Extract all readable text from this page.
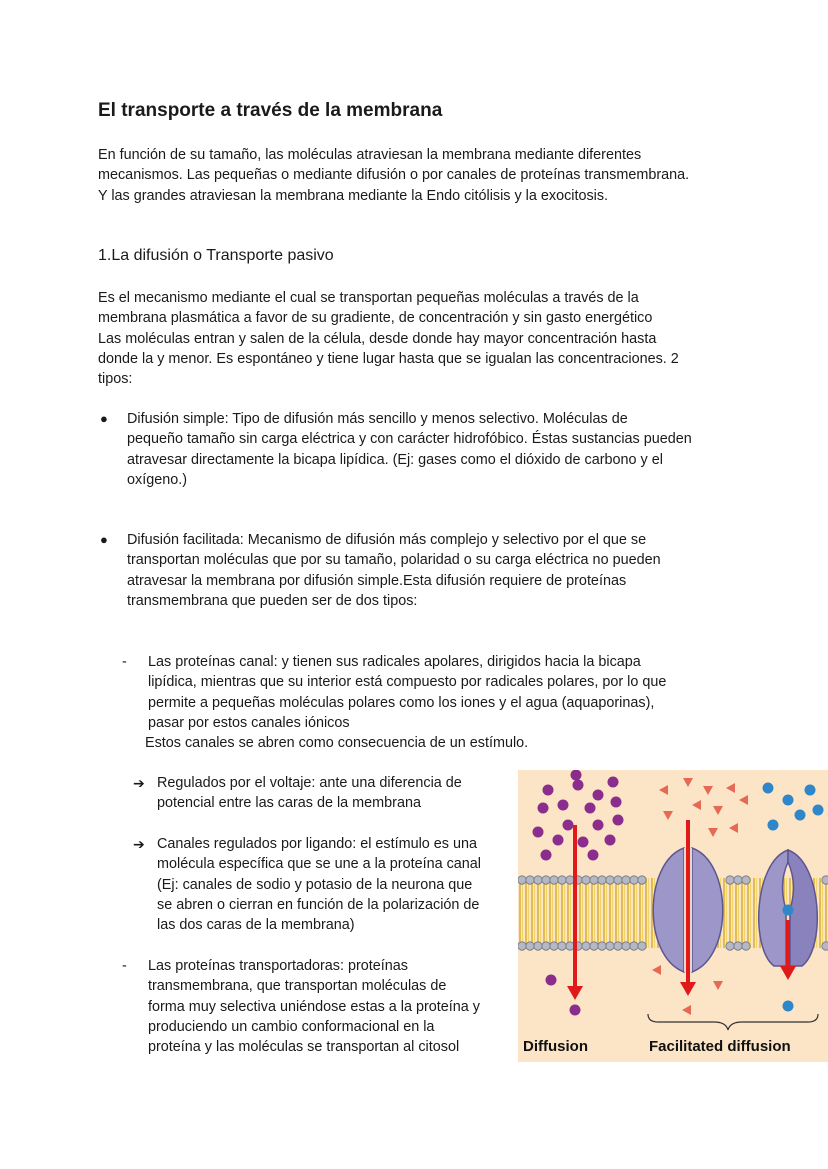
El transporte a través de la membrana
En función de su tamaño, las moléculas atraviesan la membrana mediante diferentes
mecanismos. Las pequeñas o mediante difusión o por canales de proteínas transmembrana.
Y las grandes atraviesan la membrana mediante la Endo citólisis y la exocitosis.
1.La difusión o Transporte pasivo
Es el mecanismo mediante el cual se transportan pequeñas moléculas a través de la
membrana plasmática a favor de su gradiente, de concentración y sin gasto energético
Las moléculas entran y salen de la célula, desde donde hay mayor concentración hasta
donde la y menor. Es espontáneo y tiene lugar hasta que se igualan las concentraciones. 2
tipos:
● Difusión simple: Tipo de difusión más sencillo y menos selectivo. Moléculas de
pequeño tamaño sin carga eléctrica y con carácter hidrofóbico. Éstas sustancias pueden
atravesar directamente la bicapa lipídica. (Ej: gases como el dióxido de carbono y el
oxígeno.)
● Difusión facilitada: Mecanismo de difusión más complejo y selectivo por el que se
transportan moléculas que por su tamaño, polaridad o su carga eléctrica no pueden
atravesar la membrana por difusión simple.Esta difusión requiere de proteínas
transmembrana que pueden ser de dos tipos:
- Las proteínas canal: y tienen sus radicales apolares, dirigidos hacia la bicapa
lipídica, mientras que su interior está compuesto por radicales polares, por lo que
permite a pequeñas moléculas polares como los iones y el agua (aquaporinas),
pasar por estos canales iónicos
Estos canales se abren como consecuencia de un estímulo.
➔ Regulados por el voltaje: ante una diferencia de
potencial entre las caras de la membrana
➔ Canales regulados por ligando: el estímulo es una
molécula específica que se une a la proteína canal
(Ej: canales de sodio y potasio de la neurona que
se abren o cierran en función de la polarización de
las dos caras de la membrana)
- Las proteínas transportadoras: proteínas
transmembrana, que transportan moléculas de
forma muy selectiva uniéndose estas a la proteína y
produciendo un cambio conformacional en la
proteína y las moléculas se transportan al citosol	Diffusion	Facilitated diffusion
